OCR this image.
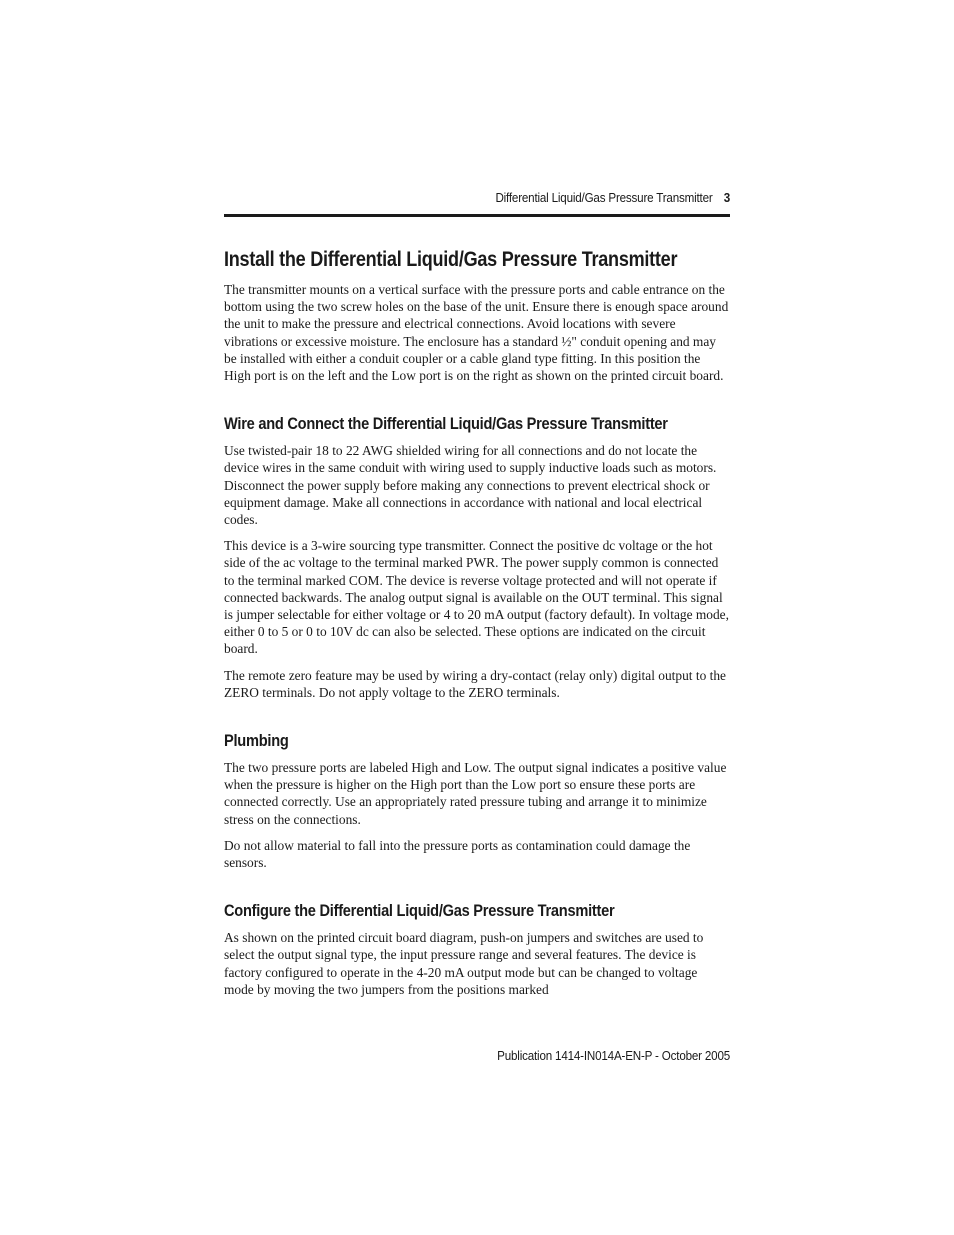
Differential Liquid/Gas Pressure Transmitter 3
Install the Differential Liquid/Gas Pressure Transmitter

The transmitter mounts on a vertical surface with the pressure ports and cable entrance on the bottom using the two screw holes on the base of the unit. Ensure there is enough space around the unit to make the pressure and electrical connections. Avoid locations with severe vibrations or excessive moisture. The enclosure has a standard ½" conduit opening and may be installed with either a conduit coupler or a cable gland type fitting. In this position the High port is on the left and the Low port is on the right as shown on the printed circuit board.

Wire and Connect the Differential Liquid/Gas Pressure Transmitter

Use twisted-pair 18 to 22 AWG shielded wiring for all connections and do not locate the device wires in the same conduit with wiring used to supply inductive loads such as motors. Disconnect the power supply before making any connections to prevent electrical shock or equipment damage. Make all connections in accordance with national and local electrical codes.

This device is a 3-wire sourcing type transmitter. Connect the positive dc voltage or the hot side of the ac voltage to the terminal marked PWR. The power supply common is connected to the terminal marked COM. The device is reverse voltage protected and will not operate if connected backwards. The analog output signal is available on the OUT terminal. This signal is jumper selectable for either voltage or 4 to 20 mA output (factory default). In voltage mode, either 0 to 5 or 0 to 10V dc can also be selected. These options are indicated on the circuit board.

The remote zero feature may be used by wiring a dry-contact (relay only) digital output to the ZERO terminals. Do not apply voltage to the ZERO terminals.

Plumbing

The two pressure ports are labeled High and Low. The output signal indicates a positive value when the pressure is higher on the High port than the Low port so ensure these ports are connected correctly. Use an appropriately rated pressure tubing and arrange it to minimize stress on the connections.

Do not allow material to fall into the pressure ports as contamination could damage the sensors.

Configure the Differential Liquid/Gas Pressure Transmitter

As shown on the printed circuit board diagram, push-on jumpers and switches are used to select the output signal type, the input pressure range and several features. The device is factory configured to operate in the 4-20 mA output mode but can be changed to voltage mode by moving the two jumpers from the positions marked

Publication 1414-IN014A-EN-P - October 2005
